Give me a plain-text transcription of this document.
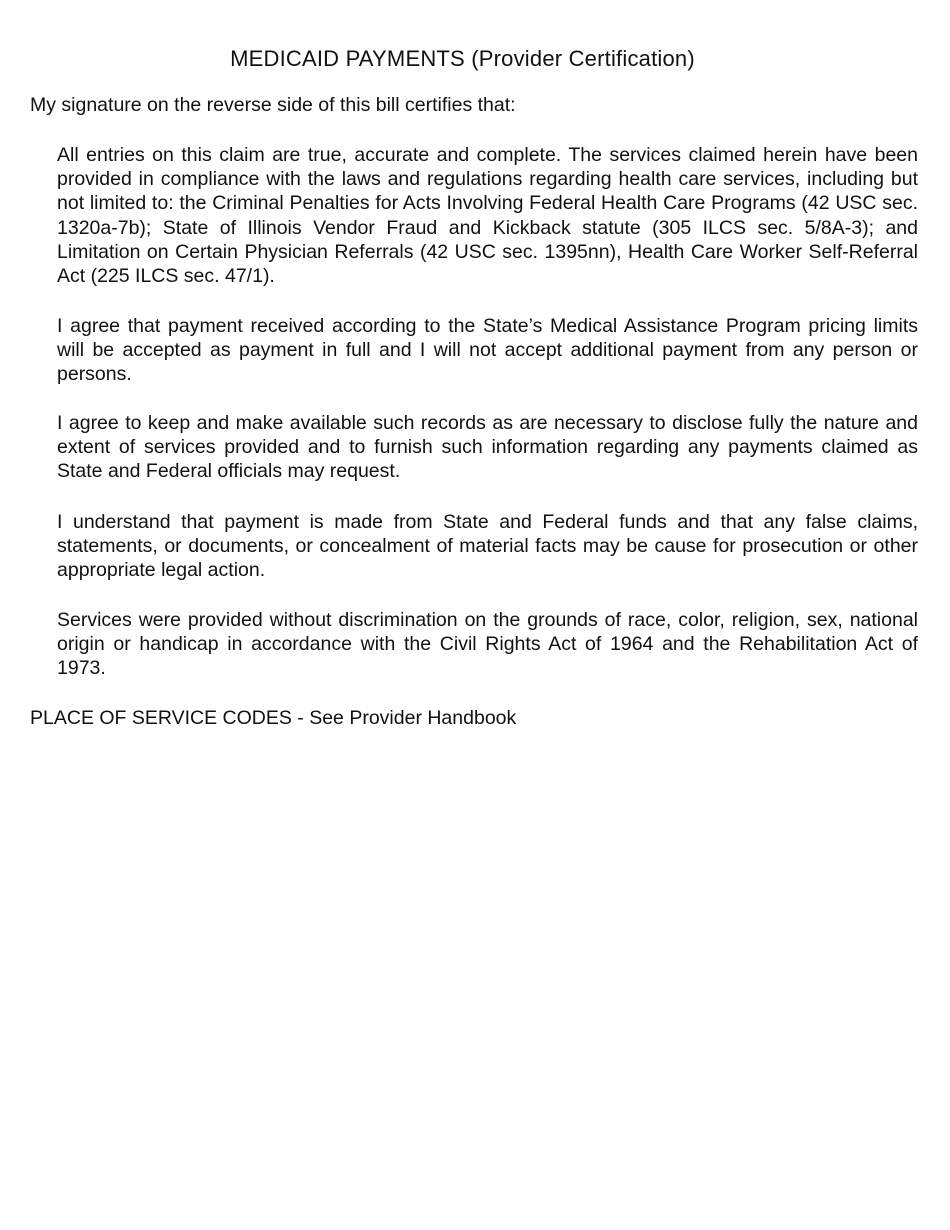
MEDICAID PAYMENTS (Provider Certification)
My signature on the reverse side of this bill certifies that:

All entries on this claim are true, accurate and complete. The services claimed herein have been provided in compliance with the laws and regulations regarding health care services, including but not limited to: the Criminal Penalties for Acts Involving Federal Health Care Programs (42 USC sec. 1320a-7b); State of Illinois Vendor Fraud and Kickback statute (305 ILCS sec. 5/8A-3); and Limitation on Certain Physician Referrals (42 USC sec. 1395nn), Health Care Worker Self-Referral Act (225 ILCS sec. 47/1).

I agree that payment received according to the State’s Medical Assistance Program pricing limits will be accepted as payment in full and I will not accept additional payment from any person or persons.

I agree to keep and make available such records as are necessary to disclose fully the nature and extent of services provided and to furnish such information regarding any payments claimed as State and Federal officials may request.

I understand that payment is made from State and Federal funds and that any false claims, statements, or documents, or concealment of material facts may be cause for prosecution or other appropriate legal action.

Services were provided without discrimination on the grounds of race, color, religion, sex, national origin or handicap in accordance with the Civil Rights Act of 1964 and the Rehabilitation Act of 1973.

PLACE OF SERVICE CODES - See Provider Handbook
